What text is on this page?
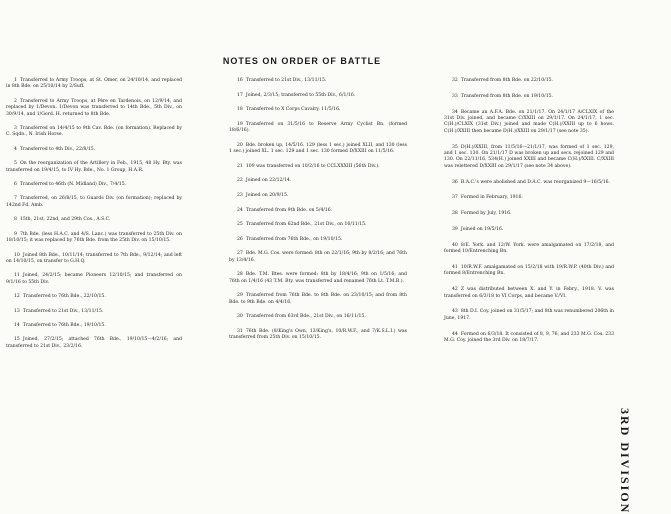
NOTES ON ORDER OF BATTLE

1 Transferred to Army Troops, at St. Omer, on 24/10/14, and replaced in 8th Bde. on 25/10/14 by 2/Suff.

2 Transferred to Army Troops, at Père en Tardenois, on 12/9/14, and replaced by 1/Devon. 1/Devon was transferred to 14th Bde., 5th Div., on 30/9/14, and 1/Gord. H. returned to 8th Bde.

3 Transferred on 14/4/15 to 9th Cav. Bde. (on formation). Replaced by C. Sqdn., N. Irish Horse.

4 Transferred to 4th Div., 22/8/15.

5 On the reorganization of the Artillery in Feb., 1915, 48 Hy. Bty. was transferred on 19/4/15, to IV Hy. Bde., No. 1 Group, H.A.R.

6 Transferred to 46th (N. Midland) Div., 7/4/15.

7 Transferred, on 26/8/15, to Guards Div. (on formation); replaced by 142nd Fd. Amb.

8 15th, 21st, 22nd, and 29th Cos., A.S.C.

9 7th Bde. (less H.A.C. and 4/S. Lanc.) was transferred to 25th Div. on 18/10/15; it was replaced by 76th Bde. from the 25th Div. on 15/10/15.

10 Joined 8th Bde., 10/11/14; transferred to 7th Bde., 9/12/14; and left on 14/10/15, on transfer to G.H.Q.

11 Joined, 24/2/15; became Pioneers 12/10/15; and transferred on 9/1/16 to 55th Div.

12 Transferred to 76th Bde., 22/10/15.

13 Transferred to 21st Div., 13/11/15.

14 Transferred to 76th Bde., 19/10/15.

15 Joined, 27/2/15; attached 76th Bde., 19/10/15—4/2/16; and transferred to 21st Div., 23/2/16.

16 Transferred to 21st Div., 13/11/15.

17 Joined, 2/3/15; transferred to 55th Div., 6/1/16.

18 Transferred to X Corps Cavalry, 11/5/16.

19 Transferred on 31/5/16 to Reserve Army Cyclist Bn. (formed 18/6/16).

20 Bde. broken up, 14/5/16. 129 (less 1 sec.) joined XLII, and 130 (less 1 sec.) joined XL. 1 sec. 129 and 1 sec. 130 formed D/XXIII on 11/5/16.

21 109 was transferred on 10/2/16 to CCLXXXIII (56th Div.).

22 Joined on 22/12/14.

23 Joined on 20/9/15.

24 Transferred from 9th Bde. on 5/4/16.

25 Transferred from 62nd Bde., 21st Div., on 16/11/15.

26 Transferred from 76th Bde., on 19/10/15.

27 Bde. M.G. Cos. were formed: 8th on 22/1/16; 9th by 8/2/16; and 76th by 13/4/16.

28 Bde. T.M. Btes. were formed: 8th by 18/4/16; 9th on 1/5/16; and 76th on 1/4/16 (43 T.M. Bty. was transferred and renamed 76th Lt. T.M.B.).

29 Transferred from 76th Bde. to 8th Bde. on 23/10/15; and from 8th Bde. to 9th Bde. on 4/4/16.

30 Transferred from 63rd Bde., 21st Div., on 16/11/15.

31 76th Bde. (8/King's Own, 13/King's, 10/R.W.F., and 7/K.S.L.I.) was transferred from 25th Div. on 15/10/15.

32 Transferred from 8th Bde. on 22/10/15.

33 Transferred from 8th Bde. on 19/10/15.

34 Became an A.F.A. Bde. on 21/1/17. On 24/1/17 A/CLXIX of the 31st Div. joined, and became C/XXIII on 29/1/17. On 24/1/17, 1 sec. C(H.)/CLXIX (31st Div.) joined and made C(H.)/XXIII up to 6 hows. C(H.)/XXIII then became D(H.)/XXIII on 29/1/17 (see note 35).

35 D(H.)/XXIII, from 11/5/16—21/1/17, was formed of 1 sec. 129, and 1 sec. 130. On 21/1/17 D was broken up and secs. rejoined 129 and 130. On 22/11/16, 534(H.) joined XXIII and became C(H.)/XXIII. C/XXIII was relettered D/XXIII on 29/1/17 (see note 34 above).

36 B.A.C.'s were abolished and D.A.C. was reorganized 9—16/5/16.

37 Formed in February, 1916.

38 Formed by July, 1916.

39 Joined on 19/5/16.

40 8/E. York. and 12/W. York. were amalgamated on 17/2/18, and formed 10/Entrenching Bn.

41 10/R.W.F. amalgamated on 15/2/18 with 19/R.W.P. (40th Div.) and formed 8/Entrenching Bn.

42 Z was distributed between X. and Y. in Febry., 1918. V. was transferred on 6/3/18 to VI Corps, and became V./VI.

43 8th D.I. Coy. joined on 31/5/17; and 8th was renumbered 206th in June, 1917.

44 Formed on 6/3/18. It consisted of 8, 9, 76, and 233 M.G. Cos. 233 M.G. Coy. joined the 3rd Div. on 18/7/17.

3RD DIVISION
